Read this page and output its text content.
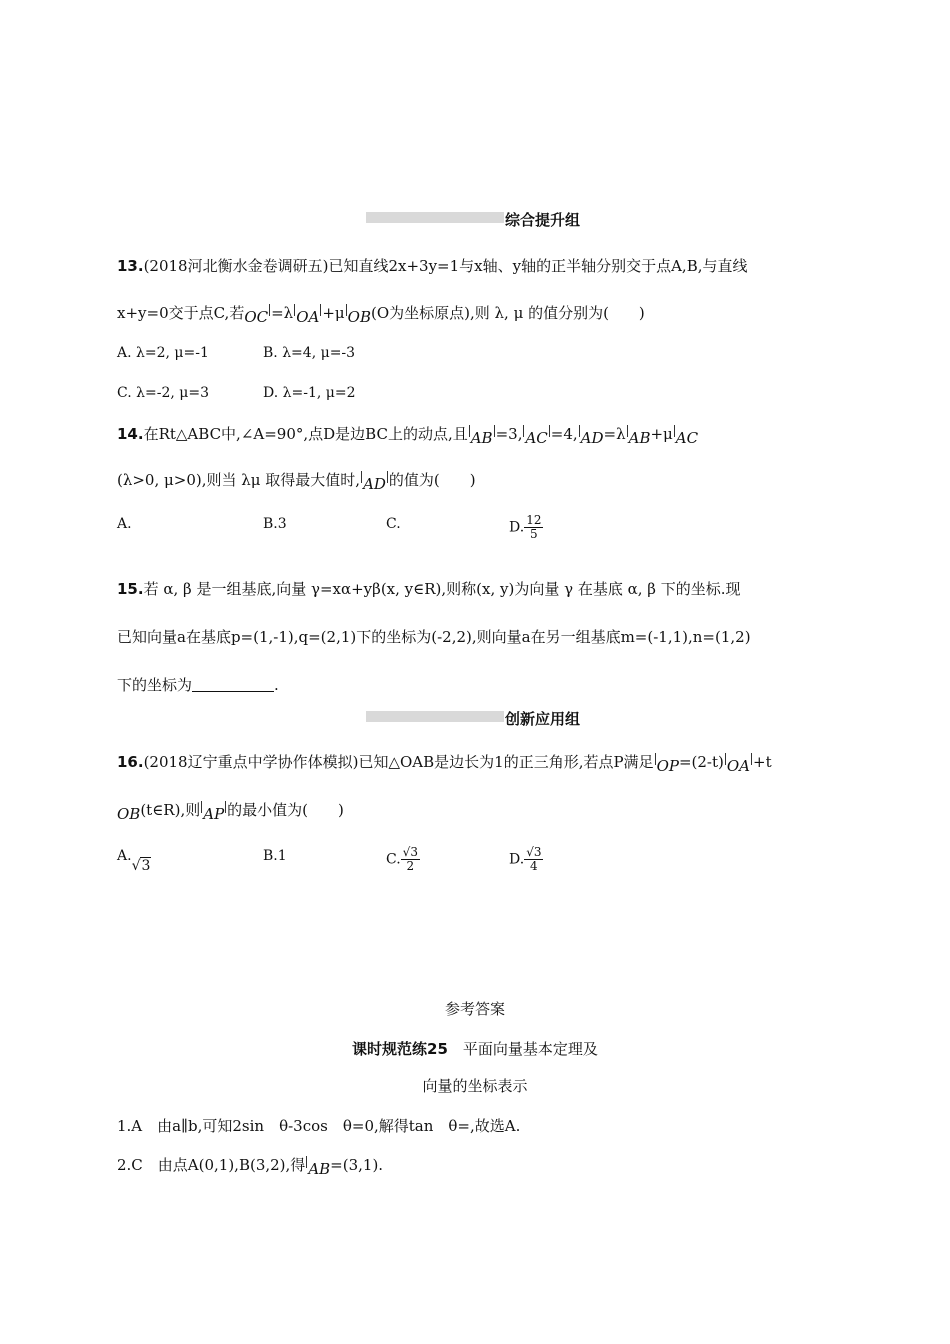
综合提升组
13.(2018河北衡水金卷调研五)已知直线2x+3y=1与x轴、y轴的正半轴分别交于点A,B,与直线
x+y=0交于点C,若OC =λ OA +μ OB(O为坐标原点),则 λ, μ 的值分别为(　　)
A. λ=2, μ=-1	B. λ=4, μ=-3
C. λ=-2, μ=3	D. λ=-1, μ=2
14.在Rt△ABC中,∠A=90°,点D是边BC上的动点,且 AB =3, AC =4, AD=λ AB+μ AC
(λ>0, μ>0),则当 λμ 取得最大值时, AD 的值为(　　)
A.	B.3	C.	D. $\frac{12}{5}$
15.若 α, β 是一组基底,向量 γ=xα+yβ(x, y∈R),则称(x, y)为向量 γ 在基底 α, β 下的坐标.现
已知向量a在基底p=(1,-1),q=(2,1)下的坐标为(-2,2),则向量a在另一组基底m=(-1,1),n=(1,2)
下的坐标为	.
创新应用组
16.(2018辽宁重点中学协作体模拟)已知△OAB是边长为1的正三角形,若点P满足 OP=(2-t) OA +t
OB(t∈R),则 AP 的最小值为(　　)
A.√3
B.1	C. $\frac{√3}{2}$	D. $\frac{√3}{4}$
参考答案
课时规范练25　平面向量基本定理及
向量的坐标表示
1.A　由a∥b,可知2sin　θ-3cos　θ=0,解得tan　θ=,故选A.
2.C　由点A(0,1),B(3,2),得 AB=(3,1).
